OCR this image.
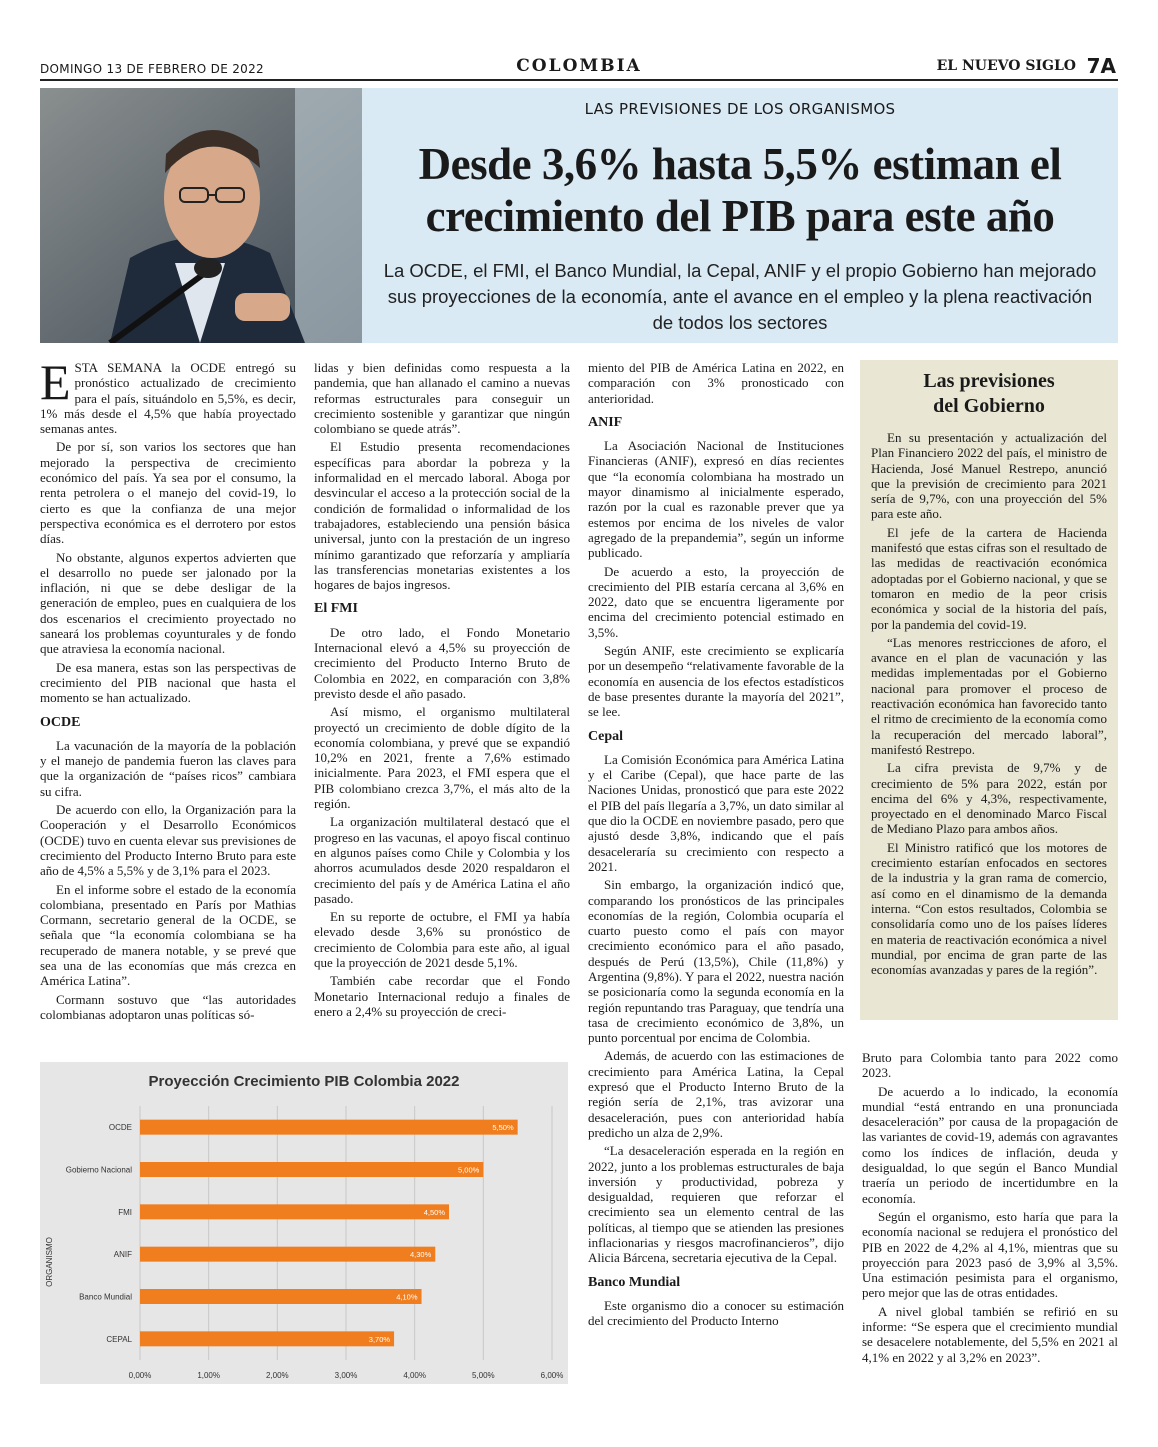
DOMINGO 13 DE FEBRERO DE 2022	COLOMBIA	EL NUEVO SIGLO 7A
LAS PREVISIONES DE LOS ORGANISMOS
Desde 3,6% hasta 5,5% estiman el crecimiento del PIB para este año
La OCDE, el FMI, el Banco Mundial, la Cepal, ANIF y el propio Gobierno han mejorado sus proyecciones de la economía, ante el avance en el empleo y la plena reactivación de todos los sectores

ESTA SEMANA la OCDE entregó su pronóstico actualizado de crecimiento para el país, situándolo en 5,5%, es decir, 1% más desde el 4,5% que había proyectado semanas antes.

De por sí, son varios los sectores que han mejorado la perspectiva de crecimiento económico del país. Ya sea por el consumo, la renta petrolera o el manejo del covid-19, lo cierto es que la confianza de una mejor perspectiva económica es el derrotero por estos días.

No obstante, algunos expertos advierten que el desarrollo no puede ser jalonado por la inflación, ni que se debe desligar de la generación de empleo, pues en cualquiera de los dos escenarios el crecimiento proyectado no saneará los problemas coyunturales y de fondo que atraviesa la economía nacional.

De esa manera, estas son las perspectivas de crecimiento del PIB nacional que hasta el momento se han actualizado.

OCDE

La vacunación de la mayoría de la población y el manejo de pandemia fueron las claves para que la organización de “países ricos” cambiara su cifra.

De acuerdo con ello, la Organización para la Cooperación y el Desarrollo Económicos (OCDE) tuvo en cuenta elevar sus previsiones de crecimiento del Producto Interno Bruto para este año de 4,5% a 5,5% y de 3,1% para el 2023.

En el informe sobre el estado de la economía colombiana, presentado en París por Mathias Cormann, secretario general de la OCDE, se señala que “la economía colombiana se ha recuperado de manera notable, y se prevé que sea una de las economías que más crezca en América Latina”.

Cormann sostuvo que “las autoridades colombianas adoptaron unas políticas só-

lidas y bien definidas como respuesta a la pandemia, que han allanado el camino a nuevas reformas estructurales para conseguir un crecimiento sostenible y garantizar que ningún colombiano se quede atrás”.

El Estudio presenta recomendaciones específicas para abordar la pobreza y la informalidad en el mercado laboral. Aboga por desvincular el acceso a la protección social de la condición de formalidad o informalidad de los trabajadores, estableciendo una pensión básica universal, junto con la prestación de un ingreso mínimo garantizado que reforzaría y ampliaría las transferencias monetarias existentes a los hogares de bajos ingresos.

El FMI

De otro lado, el Fondo Monetario Internacional elevó a 4,5% su proyección de crecimiento del Producto Interno Bruto de Colombia en 2022, en comparación con 3,8% previsto desde el año pasado.

Así mismo, el organismo multilateral proyectó un crecimiento de doble dígito de la economía colombiana, y prevé que se expandió 10,2% en 2021, frente a 7,6% estimado inicialmente. Para 2023, el FMI espera que el PIB colombiano crezca 3,7%, el más alto de la región.

La organización multilateral destacó que el progreso en las vacunas, el apoyo fiscal continuo en algunos países como Chile y Colombia y los ahorros acumulados desde 2020 respaldaron el crecimiento del país y de América Latina el año pasado.

En su reporte de octubre, el FMI ya había elevado desde 3,6% su pronóstico de crecimiento de Colombia para este año, al igual que la proyección de 2021 desde 5,1%.

También cabe recordar que el Fondo Monetario Internacional redujo a finales de enero a 2,4% su proyección de creci-

miento del PIB de América Latina en 2022, en comparación con 3% pronosticado con anterioridad.

ANIF

La Asociación Nacional de Instituciones Financieras (ANIF), expresó en días recientes que “la economía colombiana ha mostrado un mayor dinamismo al inicialmente esperado, razón por la cual es razonable prever que ya estemos por encima de los niveles de valor agregado de la prepandemia”, según un informe publicado.

De acuerdo a esto, la proyección de crecimiento del PIB estaría cercana al 3,6% en 2022, dato que se encuentra ligeramente por encima del crecimiento potencial estimado en 3,5%.

Según ANIF, este crecimiento se explicaría por un desempeño “relativamente favorable de la economía en ausencia de los efectos estadísticos de base presentes durante la mayoría del 2021”, se lee.

Cepal

La Comisión Económica para América Latina y el Caribe (Cepal), que hace parte de las Naciones Unidas, pronosticó que para este 2022 el PIB del país llegaría a 3,7%, un dato similar al que dio la OCDE en noviembre pasado, pero que ajustó desde 3,8%, indicando que el país desaceleraría su crecimiento con respecto a 2021.

Sin embargo, la organización indicó que, comparando los pronósticos de las principales economías de la región, Colombia ocuparía el cuarto puesto como el país con mayor crecimiento económico para el año pasado, después de Perú (13,5%), Chile (11,8%) y Argentina (9,8%). Y para el 2022, nuestra nación se posicionaría como la segunda economía en la región repuntando tras Paraguay, que tendría una tasa de crecimiento económico de 3,8%, un punto porcentual por encima de Colombia.

Además, de acuerdo con las estimaciones de crecimiento para América Latina, la Cepal expresó que el Producto Interno Bruto de la región sería de 2,1%, tras avizorar una desaceleración, pues con anterioridad había predicho un alza de 2,9%.

“La desaceleración esperada en la región en 2022, junto a los problemas estructurales de baja inversión y productividad, pobreza y desigualdad, requieren que reforzar el crecimiento sea un elemento central de las políticas, al tiempo que se atienden las presiones inflacionarias y riesgos macrofinancieros”, dijo Alicia Bárcena, secretaria ejecutiva de la Cepal.

Banco Mundial

Este organismo dio a conocer su estimación del crecimiento del Producto Interno

Las previsiones
del Gobierno

En su presentación y actualización del Plan Financiero 2022 del país, el ministro de Hacienda, José Manuel Restrepo, anunció que la previsión de crecimiento para 2021 sería de 9,7%, con una proyección del 5% para este año.

El jefe de la cartera de Hacienda manifestó que estas cifras son el resultado de las medidas de reactivación económica adoptadas por el Gobierno nacional, y que se tomaron en medio de la peor crisis económica y social de la historia del país, por la pandemia del covid-19.

“Las menores restricciones de aforo, el avance en el plan de vacunación y las medidas implementadas por el Gobierno nacional para promover el proceso de reactivación económica han favorecido tanto el ritmo de crecimiento de la economía como la recuperación del mercado laboral”, manifestó Restrepo.

La cifra prevista de 9,7% y de crecimiento de 5% para 2022, están por encima del 6% y 4,3%, respectivamente, proyectado en el denominado Marco Fiscal de Mediano Plazo para ambos años.

El Ministro ratificó que los motores de crecimiento estarían enfocados en sectores de la industria y la gran rama de comercio, así como en el dinamismo de la demanda interna. “Con estos resultados, Colombia se consolidaría como uno de los países líderes en materia de reactivación económica a nivel mundial, por encima de gran parte de las economías avanzadas y pares de la región”.

Bruto para Colombia tanto para 2022 como 2023.

De acuerdo a lo indicado, la economía mundial “está entrando en una pronunciada desaceleración” por causa de la propagación de las variantes de covid-19, además con agravantes como los índices de inflación, deuda y desigualdad, lo que según el Banco Mundial traería un periodo de incertidumbre en la economía.

Según el organismo, esto haría que para la economía nacional se redujera el pronóstico del PIB en 2022 de 4,2% al 4,1%, mientras que su proyección para 2023 pasó de 3,9% al 3,5%. Una estimación pesimista para el organismo, pero mejor que las de otras entidades.

A nivel global también se refirió en su informe: “Se espera que el crecimiento mundial se desacelere notablemente, del 5,5% en 2021 al 4,1% en 2022 y al 3,2% en 2023”.

Proyección Crecimiento PIB Colombia 2022
ORGANISMO
0,00%	1,00%	2,00%	3,00%	4,00%	5,00%	6,00%
5,50%
OCDE
5,00%
Gobierno Nacional
4,50%
FMI
4,30%
ANIF
4,10%
Banco Mundial
3,70%
CEPAL
